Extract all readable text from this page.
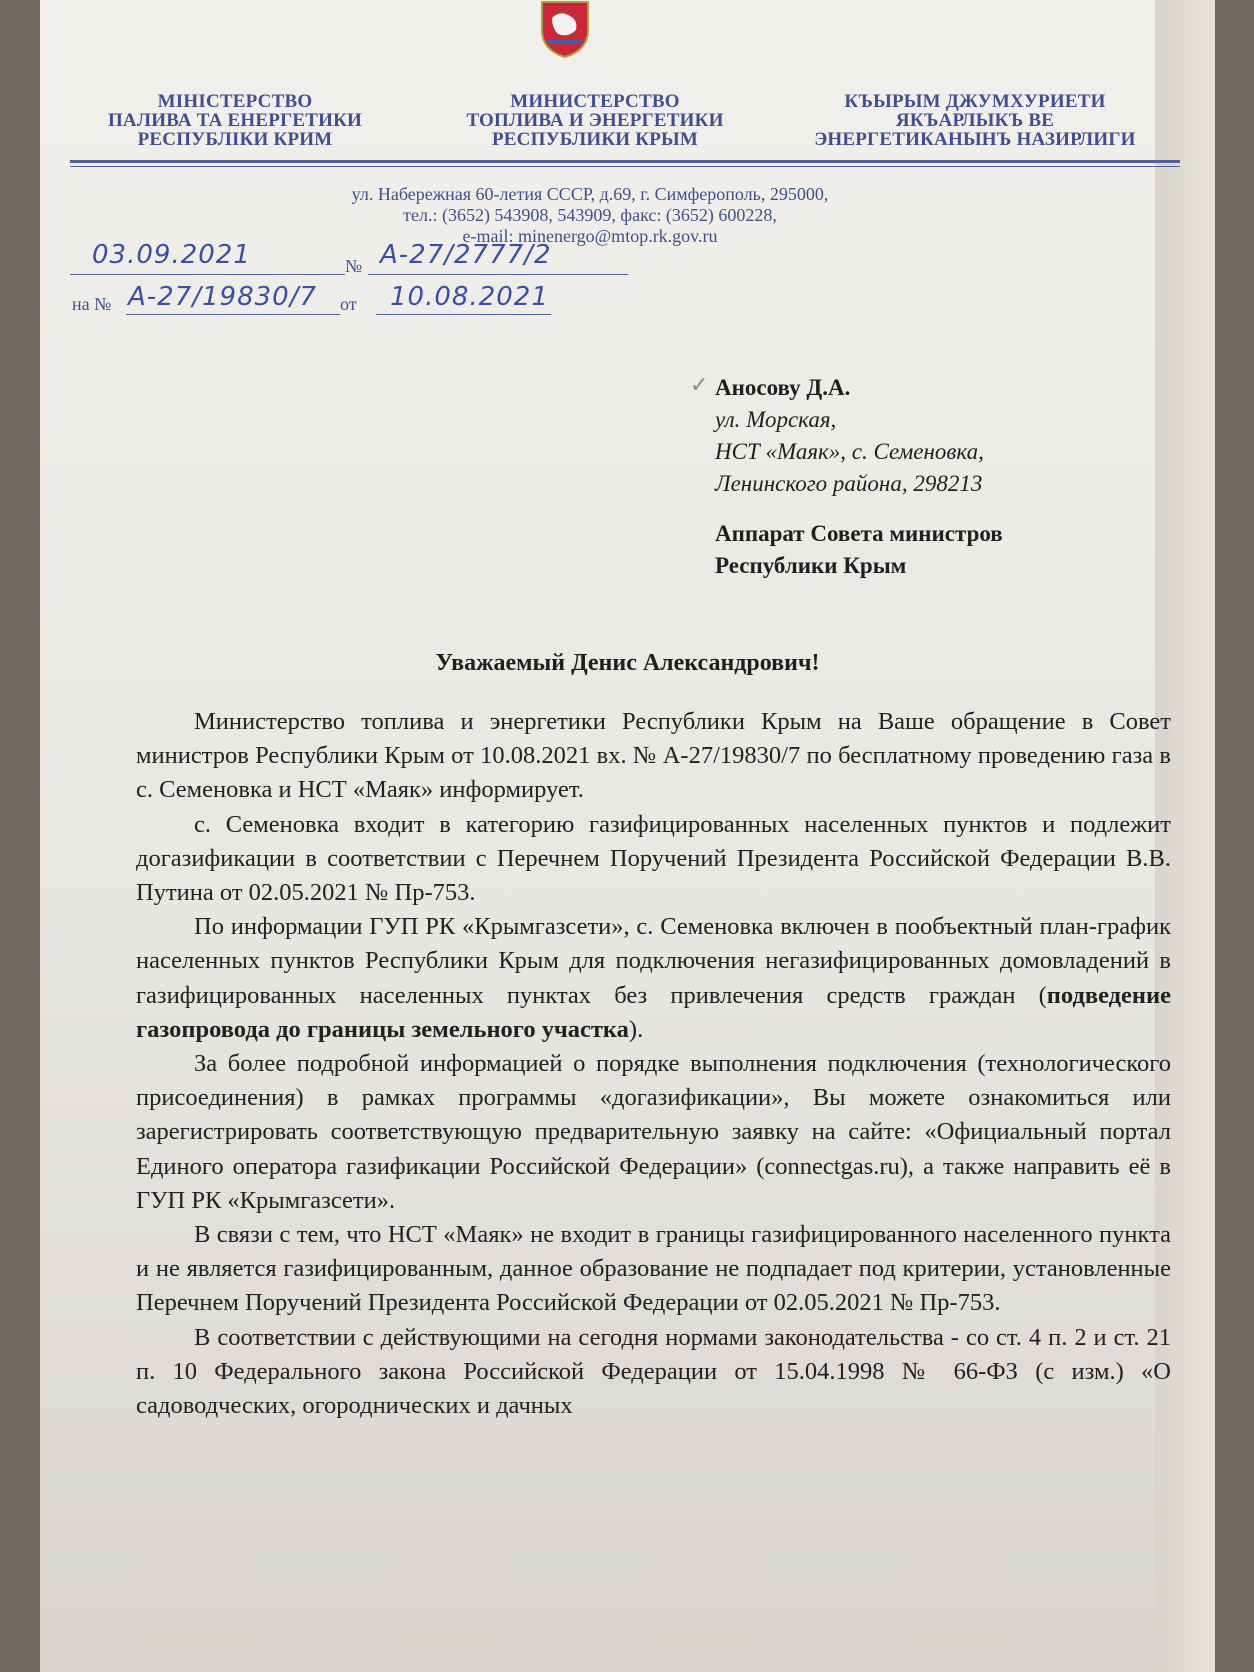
МІНІСТЕРСТВО
ПАЛИВА ТА ЕНЕРГЕТИКИ
РЕСПУБЛІКИ КРИМ
МИНИСТЕРСТВО
ТОПЛИВА И ЭНЕРГЕТИКИ
РЕСПУБЛИКИ КРЫМ
КЪЫРЫМ ДЖУМХУРИЕТИ
ЯКЪАРЛЫКЪ ВЕ
ЭНЕРГЕТИКАНЫНЪ НАЗИРЛИГИ
ул. Набережная 60-летия СССР, д.69, г. Симферополь, 295000,
тел.: (3652) 543908, 543909, факс: (3652) 600228,
e-mail: minenergo@mtop.rk.gov.ru
03.09.2021	№ А-27/2777/2
на № А-27/19830/7 от 10.08.2021
✓ Аносову Д.А.
ул. Морская,
НСТ «Маяк», с. Семеновка,
Ленинского района, 298213
Аппарат Совета министров
Республики Крым
Уважаемый Денис Александрович!

Министерство топлива и энергетики Республики Крым на Ваше обращение в Совет министров Республики Крым от 10.08.2021 вх. № А-27/19830/7 по бесплатному проведению газа в с. Семеновка и НСТ «Маяк» информирует.

с. Семеновка входит в категорию газифицированных населенных пунктов и подлежит догазификации в соответствии с Перечнем Поручений Президента Российской Федерации В.В. Путина от 02.05.2021 № Пр-753.

По информации ГУП РК «Крымгазсети», с. Семеновка включен в пообъектный план-график населенных пунктов Республики Крым для подключения негазифицированных домовладений в газифицированных населенных пунктах без привлечения средств граждан (подведение газопровода до границы земельного участка).

За более подробной информацией о порядке выполнения подключения (технологического присоединения) в рамках программы «догазификации», Вы можете ознакомиться или зарегистрировать соответствующую предварительную заявку на сайте: «Официальный портал Единого оператора газификации Российской Федерации» (connectgas.ru), а также направить её в ГУП РК «Крымгазсети».

В связи с тем, что НСТ «Маяк» не входит в границы газифицированного населенного пункта и не является газифицированным, данное образование не подпадает под критерии, установленные Перечнем Поручений Президента Российской Федерации от 02.05.2021 № Пр-753.

В соответствии с действующими на сегодня нормами законодательства - со ст. 4 п. 2 и ст. 21 п. 10 Федерального закона Российской Федерации от 15.04.1998 № 66-ФЗ (с изм.) «О садоводческих, огороднических и дачных
